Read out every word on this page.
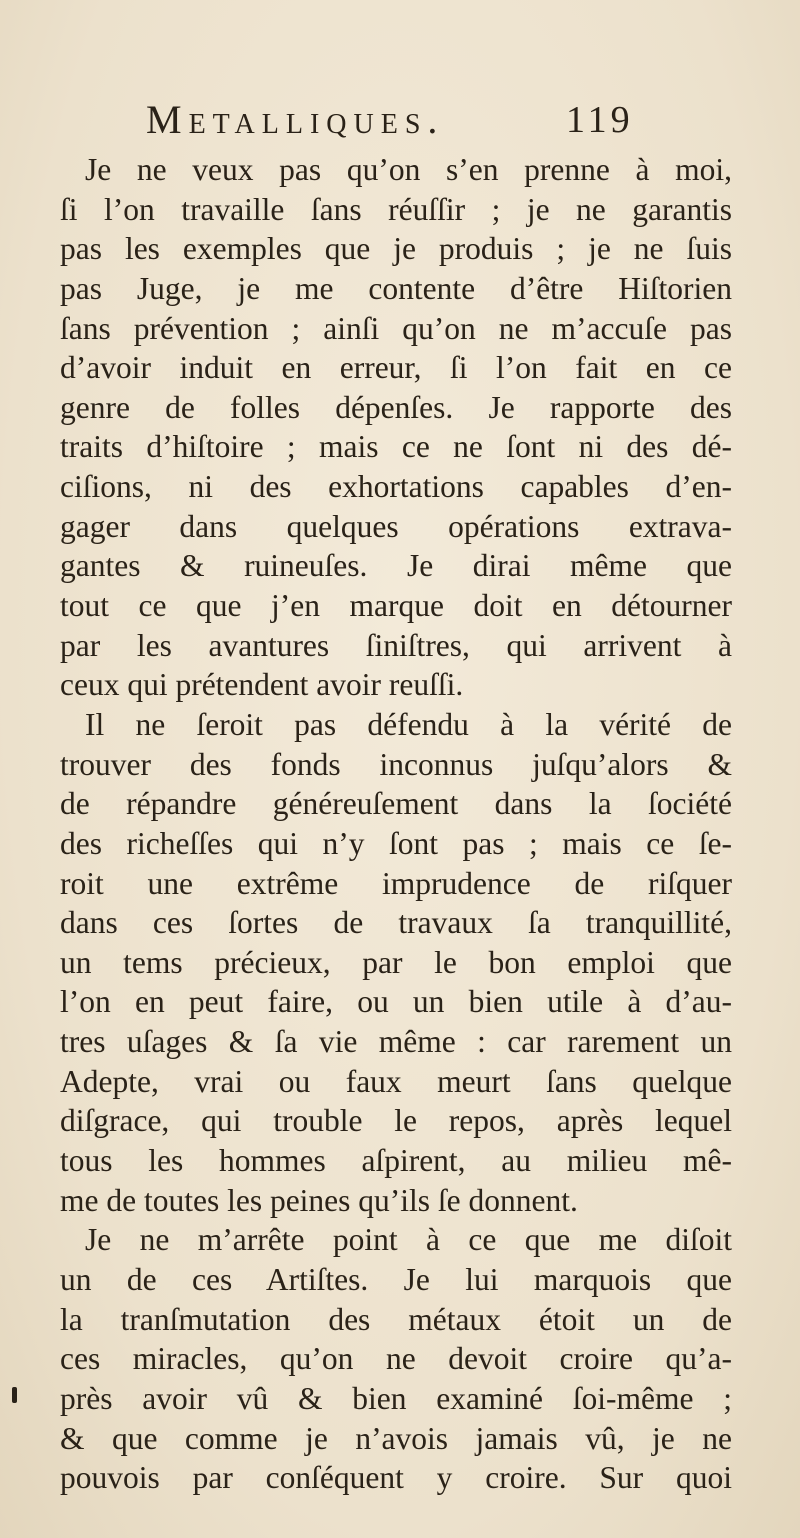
Metalliques.	119
Je ne veux pas qu’on s’en prenne à moi,
ſi l’on travaille ſans réuſſir ; je ne garantis
pas les exemples que je produis ; je ne ſuis
pas Juge, je me contente d’être Hiſtorien
ſans prévention ; ainſi qu’on ne m’accuſe pas
d’avoir induit en erreur, ſi l’on fait en ce
genre de folles dépenſes. Je rapporte des
traits d’hiſtoire ; mais ce ne ſont ni des dé-
ciſions, ni des exhortations capables d’en-
gager dans quelques opérations extrava-
gantes & ruineuſes. Je dirai même que
tout ce que j’en marque doit en détourner
par les avantures ſiniſtres, qui arrivent à
ceux qui prétendent avoir reuſſi.
Il ne ſeroit pas défendu à la vérité de
trouver des fonds inconnus juſqu’alors &
de répandre généreuſement dans la ſociété
des richeſſes qui n’y ſont pas ; mais ce ſe-
roit une extrême imprudence de riſquer
dans ces ſortes de travaux ſa tranquillité,
un tems précieux, par le bon emploi que
l’on en peut faire, ou un bien utile à d’au-
tres uſages & ſa vie même : car rarement un
Adepte, vrai ou faux meurt ſans quelque
diſgrace, qui trouble le repos, après lequel
tous les hommes aſpirent, au milieu mê-
me de toutes les peines qu’ils ſe donnent.
Je ne m’arrête point à ce que me diſoit
un de ces Artiſtes. Je lui marquois que
la tranſmutation des métaux étoit un de
ces miracles, qu’on ne devoit croire qu’a-
près avoir vû & bien examiné ſoi-même ;
& que comme je n’avois jamais vû, je ne
pouvois par conſéquent y croire. Sur quoi
